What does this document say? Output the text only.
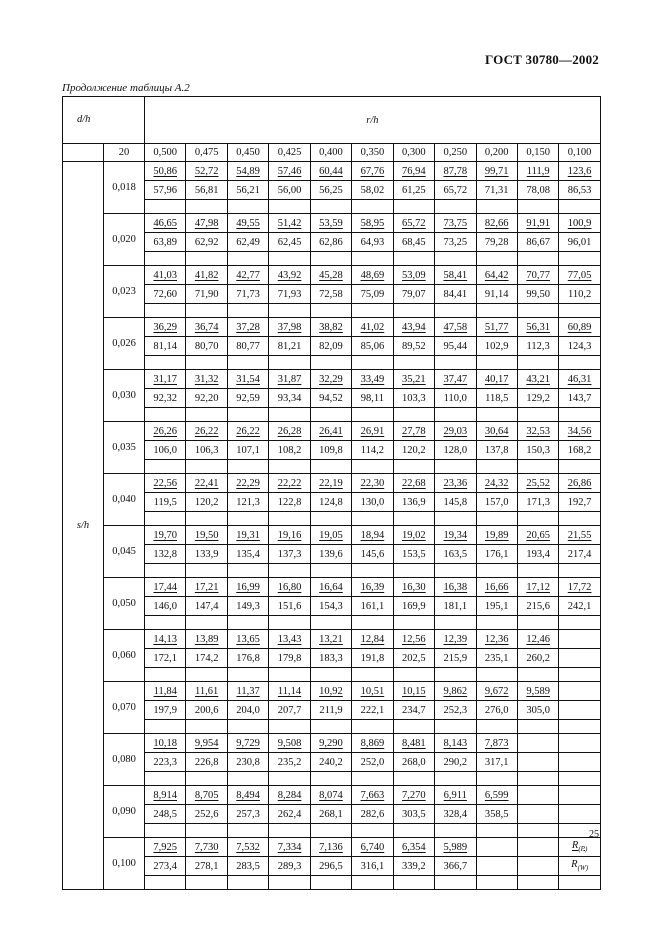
ГОСТ 30780—2002
Продолжение таблицы А.2
d/h		r/h										
	20	0,500	0,475	0,450	0,425	0,400	0,350	0,300	0,250	0,200	0,150	0,100
s/h	0,018	50,86	52,72	54,89	57,46	60,44	67,76	76,94	87,78	99,71	111,9	123,6
		57,96	56,81	56,21	56,00	56,25	58,02	61,25	65,72	71,31	78,08	86,53

	0,020	46,65	47,98	49,55	51,42	53,59	58,95	65,72	73,75	82,66	91,91	100,9
		63,89	62,92	62,49	62,45	62,86	64,93	68,45	73,25	79,28	86,67	96,01

	0,023	41,03	41,82	42,77	43,92	45,28	48,69	53,09	58,41	64,42	70,77	77,05
		72,60	71,90	71,73	71,93	72,58	75,09	79,07	84,41	91,14	99,50	110,2

	0,026	36,29	36,74	37,28	37,98	38,82	41,02	43,94	47,58	51,77	56,31	60,89
		81,14	80,70	80,77	81,21	82,09	85,06	89,52	95,44	102,9	112,3	124,3

	0,030	31,17	31,32	31,54	31,87	32,29	33,49	35,21	37,47	40,17	43,21	46,31
		92,32	92,20	92,59	93,34	94,52	98,11	103,3	110,0	118,5	129,2	143,7

	0,035	26,26	26,22	26,22	26,28	26,41	26,91	27,78	29,03	30,64	32,53	34,56
		106,0	106,3	107,1	108,2	109,8	114,2	120,2	128,0	137,8	150,3	168,2

	0,040	22,56	22,41	22,29	22,22	22,19	22,30	22,68	23,36	24,32	25,52	26,86
		119,5	120,2	121,3	122,8	124,8	130,0	136,9	145,8	157,0	171,3	192,7

	0,045	19,70	19,50	19,31	19,16	19,05	18,94	19,02	19,34	19,89	20,65	21,55
		132,8	133,9	135,4	137,3	139,6	145,6	153,5	163,5	176,1	193,4	217,4

	0,050	17,44	17,21	16,99	16,80	16,64	16,39	16,30	16,38	16,66	17,12	17,72
		146,0	147,4	149,3	151,6	154,3	161,1	169,9	181,1	195,1	215,6	242,1

	0,060	14,13	13,89	13,65	13,43	13,21	12,84	12,56	12,39	12,36	12,46	
		172,1	174,2	176,8	179,8	183,3	191,8	202,5	215,9	235,1	260,2	

	0,070	11,84	11,61	11,37	11,14	10,92	10,51	10,15	9,862	9,672	9,589	
		197,9	200,6	204,0	207,7	211,9	222,1	234,7	252,3	276,0	305,0	

	0,080	10,18	9,954	9,729	9,508	9,290	8,869	8,481	8,143	7,873		
		223,3	226,8	230,8	235,2	240,2	252,0	268,0	290,2	317,1		

	0,090	8,914	8,705	8,494	8,284	8,074	7,663	7,270	6,911	6,599		
		248,5	252,6	257,3	262,4	268,1	282,6	303,5	328,4	358,5		

	0,100	7,925	7,730	7,532	7,334	7,136	6,740	6,354	5,989			$R_{(P)}$
		273,4	278,1	283,5	289,3	296,5	316,1	339,2	366,7			$R_{(W)}$

25
